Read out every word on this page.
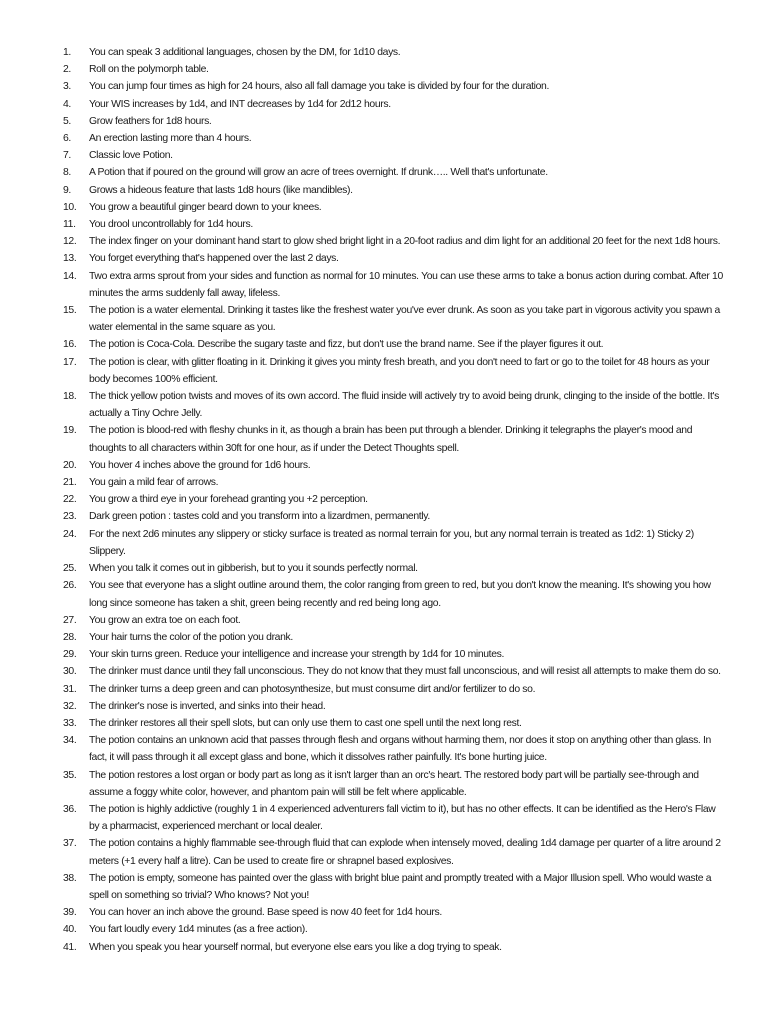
1.	You can speak 3 additional languages, chosen by the DM, for 1d10 days.
2.	Roll on the polymorph table.
3.	You can jump four times as high for 24 hours, also all fall damage you take is divided by four for the duration.
4.	Your WIS increases by 1d4, and INT decreases by 1d4 for 2d12 hours.
5.	Grow feathers for 1d8 hours.
6.	An erection lasting more than 4 hours.
7.	Classic love Potion.
8.	A Potion that if poured on the ground will grow an acre of trees overnight. If drunk….. Well that's unfortunate.
9.	Grows a hideous feature that lasts 1d8 hours (like mandibles).
10.	You grow a beautiful ginger beard down to your knees.
11.	You drool uncontrollably for 1d4 hours.
12.	The index finger on your dominant hand start to glow shed bright light in a 20-foot radius and dim light for an additional 20 feet for the next 1d8 hours.
13.	You forget everything that's happened over the last 2 days.
14.	Two extra arms sprout from your sides and function as normal for 10 minutes. You can use these arms to take a bonus action during combat. After 10 minutes the arms suddenly fall away, lifeless.
15.	The potion is a water elemental. Drinking it tastes like the freshest water you've ever drunk. As soon as you take part in vigorous activity you spawn a water elemental in the same square as you.
16.	The potion is Coca-Cola. Describe the sugary taste and fizz, but don't use the brand name. See if the player figures it out.
17.	The potion is clear, with glitter floating in it. Drinking it gives you minty fresh breath, and you don't need to fart or go to the toilet for 48 hours as your body becomes 100% efficient.
18.	The thick yellow potion twists and moves of its own accord. The fluid inside will actively try to avoid being drunk, clinging to the inside of the bottle. It's actually a Tiny Ochre Jelly.
19.	The potion is blood-red with fleshy chunks in it, as though a brain has been put through a blender. Drinking it telegraphs the player's mood and thoughts to all characters within 30ft for one hour, as if under the Detect Thoughts spell.
20.	You hover 4 inches above the ground for 1d6 hours.
21.	You gain a mild fear of arrows.
22.	You grow a third eye in your forehead granting you +2 perception.
23.	Dark green potion : tastes cold and you transform into a lizardmen, permanently.
24.	For the next 2d6 minutes any slippery or sticky surface is treated as normal terrain for you, but any normal terrain is treated as 1d2: 1) Sticky 2) Slippery.
25.	When you talk it comes out in gibberish, but to you it sounds perfectly normal.
26.	You see that everyone has a slight outline around them, the color ranging from green to red, but you don't know the meaning. It's showing you how long since someone has taken a shit, green being recently and red being long ago.
27.	You grow an extra toe on each foot.
28.	Your hair turns the color of the potion you drank.
29.	Your skin turns green. Reduce your intelligence and increase your strength by 1d4 for 10 minutes.
30.	The drinker must dance until they fall unconscious. They do not know that they must fall unconscious, and will resist all attempts to make them do so.
31.	The drinker turns a deep green and can photosynthesize, but must consume dirt and/or fertilizer to do so.
32.	The drinker's nose is inverted, and sinks into their head.
33.	The drinker restores all their spell slots, but can only use them to cast one spell until the next long rest.
34.	The potion contains an unknown acid that passes through flesh and organs without harming them, nor does it stop on anything other than glass. In fact, it will pass through it all except glass and bone, which it dissolves rather painfully. It's bone hurting juice.
35.	The potion restores a lost organ or body part as long as it isn't larger than an orc's heart. The restored body part will be partially see-through and assume a foggy white color, however, and phantom pain will still be felt where applicable.
36.	The potion is highly addictive (roughly 1 in 4 experienced adventurers fall victim to it), but has no other effects. It can be identified as the Hero's Flaw by a pharmacist, experienced merchant or local dealer.
37.	The potion contains a highly flammable see-through fluid that can explode when intensely moved, dealing 1d4 damage per quarter of a litre around 2 meters (+1 every half a litre). Can be used to create fire or shrapnel based explosives.
38.	The potion is empty, someone has painted over the glass with bright blue paint and promptly treated with a Major Illusion spell. Who would waste a spell on something so trivial? Who knows? Not you!
39.	You can hover an inch above the ground. Base speed is now 40 feet for 1d4 hours.
40.	You fart loudly every 1d4 minutes (as a free action).
41.	When you speak you hear yourself normal, but everyone else ears you like a dog trying to speak.
